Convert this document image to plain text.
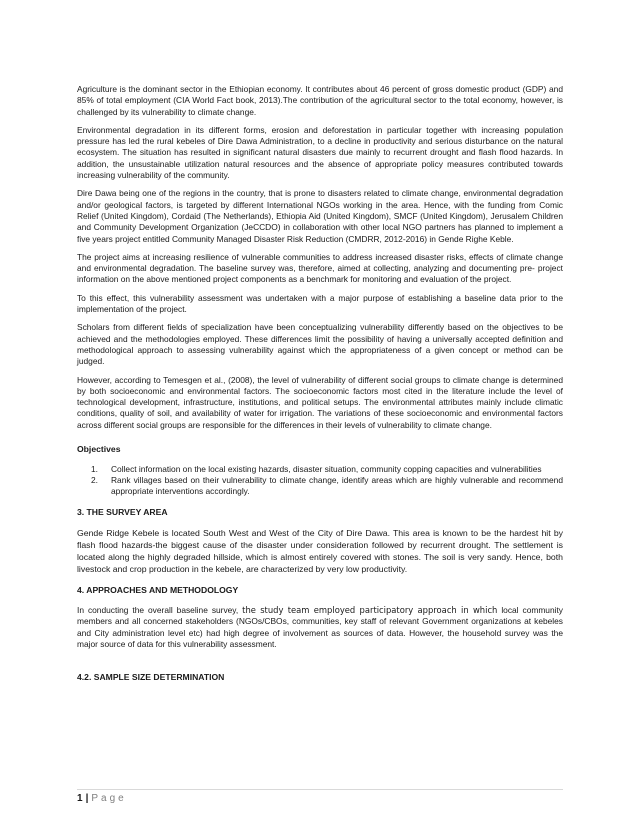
Agriculture is the dominant sector in the Ethiopian economy. It contributes about 46 percent of gross domestic product (GDP) and 85% of total employment (CIA World Fact book, 2013).The contribution of the agricultural sector to the total economy, however, is challenged by its vulnerability to climate change.

Environmental degradation in its different forms, erosion and deforestation in particular together with increasing population pressure has led the rural kebeles of Dire Dawa Administration, to a decline in productivity and serious disturbance on the natural ecosystem. The situation has resulted in significant natural disasters due mainly to recurrent drought and flash flood hazards. In addition, the unsustainable utilization natural resources and the absence of appropriate policy measures contributed towards increasing vulnerability of the community.

Dire Dawa being one of the regions in the country, that is prone to disasters related to climate change, environmental degradation and/or geological factors, is targeted by different International NGOs working in the area. Hence, with the funding from Comic Relief (United Kingdom), Cordaid (The Netherlands), Ethiopia Aid (United Kingdom), SMCF (United Kingdom), Jerusalem Children and Community Development Organization (JeCCDO) in collaboration with other local NGO partners has planned to implement a five years project entitled Community Managed Disaster Risk Reduction (CMDRR, 2012-2016) in Gende Righe Keble.

The project aims at increasing resilience of vulnerable communities to address increased disaster risks, effects of climate change and environmental degradation. The baseline survey was, therefore, aimed at collecting, analyzing and documenting pre- project information on the above mentioned project components as a benchmark for monitoring and evaluation of the project.

To this effect, this vulnerability assessment was undertaken with a major purpose of establishing a baseline data prior to the implementation of the project.

Scholars from different fields of specialization have been conceptualizing vulnerability differently based on the objectives to be achieved and the methodologies employed. These differences limit the possibility of having a universally accepted definition and methodological approach to assessing vulnerability against which the appropriateness of a given concept or method can be judged.

However, according to Temesgen et al., (2008), the level of vulnerability of different social groups to climate change is determined by both socioeconomic and environmental factors. The socioeconomic factors most cited in the literature include the level of technological development, infrastructure, institutions, and political setups. The environmental attributes mainly include climatic conditions, quality of soil, and availability of water for irrigation. The variations of these socioeconomic and environmental factors across different social groups are responsible for the differences in their levels of vulnerability to climate change.

Objectives
1. Collect information on the local existing hazards, disaster situation, community copping capacities and vulnerabilities
2. Rank villages based on their vulnerability to climate change, identify areas which are highly vulnerable and recommend appropriate interventions accordingly.
3. THE SURVEY AREA

Gende Ridge Kebele is located South West and West of the City of Dire Dawa. This area is known to be the hardest hit by flash flood hazards-the biggest cause of the disaster under consideration followed by recurrent drought. The settlement is located along the highly degraded hillside, which is almost entirely covered with stones. The soil is very sandy. Hence, both livestock and crop production in the kebele, are characterized by very low productivity.

4. APPROACHES AND METHODOLOGY

In conducting the overall baseline survey, the study team employed participatory approach in which local community members and all concerned stakeholders (NGOs/CBOs, communities, key staff of relevant Government organizations at kebeles and City administration level etc) had high degree of involvement as sources of data. However, the household survey was the major source of data for this vulnerability assessment.

4.2. SAMPLE SIZE DETERMINATION
1 | Page
